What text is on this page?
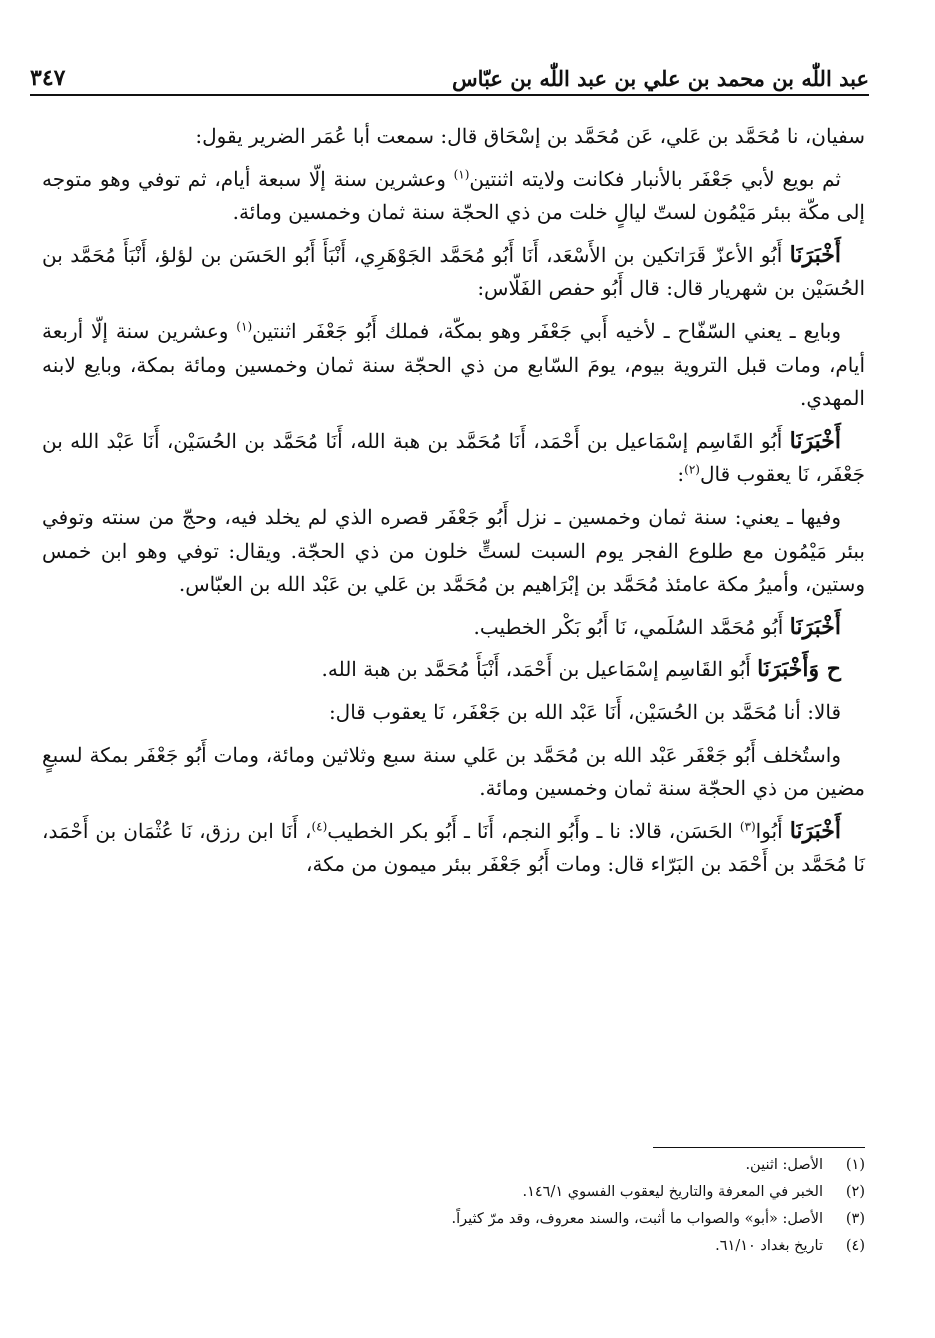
عبد اللّٰه بن محمد بن علي بن عبد اللّٰه بن عبّاس
٣٤٧

سفيان، نا مُحَمَّد بن عَلي، عَن مُحَمَّد بن إسْحَاق قال: سمعت أبا عُمَر الضرير يقول:

ثم بويع لأبي جَعْفَر بالأنبار فكانت ولايته اثنتين$^{(١)}$ وعشرين سنة إلّا سبعة أيام، ثم توفي وهو متوجه إلى مكّة ببئر مَيْمُون لستّ ليالٍ خلت من ذي الحجّة سنة ثمان وخمسين ومائة.

أَخْبَرَنَا أَبُو الأعزّ قَرَاتكين بن الأَسْعَد، أَنَا أَبُو مُحَمَّد الجَوْهَرِي، أَنْبَأَ أَبُو الحَسَن بن لؤلؤ، أَنْبَأَ مُحَمَّد بن الحُسَيْن بن شهريار قال: قال أَبُو حفص الفَلّاس:

وبايع ـ يعني السّفّاح ـ لأخيه أَبي جَعْفَر وهو بمكّة، فملك أَبُو جَعْفَر اثنتين$^{(١)}$ وعشرين سنة إلّا أربعة أيام، ومات قبل التروية بيوم، يومَ السّابع من ذي الحجّة سنة ثمان وخمسين ومائة بمكة، وبايع لابنه المهدي.

أَخْبَرَنَا أَبُو القَاسِم إسْمَاعيل بن أَحْمَد، أَنَا مُحَمَّد بن هبة الله، أَنَا مُحَمَّد بن الحُسَيْن، أَنَا عَبْد الله بن جَعْفَر، نَا يعقوب قال$^{(٢)}$:

وفيها ـ يعني: سنة ثمان وخمسين ـ نزل أَبُو جَعْفَر قصره الذي لم يخلد فيه، وحجّ من سنته وتوفي ببئر مَيْمُون مع طلوع الفجر يوم السبت لستٍّ خلون من ذي الحجّة. ويقال: توفي وهو ابن خمس وستين، وأميرُ مكة عامئذ مُحَمَّد بن إبْرَاهيم بن مُحَمَّد بن عَلي بن عَبْد الله بن العبّاس.

أَخْبَرَنَا أَبُو مُحَمَّد السُلَمي، نَا أَبُو بَكْر الخطيب.

ح وَأَخْبَرَنَا أَبُو القَاسِم إسْمَاعيل بن أَحْمَد، أَنْبَأَ مُحَمَّد بن هبة الله.

قالا: أنا مُحَمَّد بن الحُسَيْن، أَنَا عَبْد الله بن جَعْفَر، نَا يعقوب قال:

واستُخلف أَبُو جَعْفَر عَبْد الله بن مُحَمَّد بن عَلي سنة سبع وثلاثين ومائة، ومات أَبُو جَعْفَر بمكة لسبعٍ مضين من ذي الحجّة سنة ثمان وخمسين ومائة.

أَخْبَرَنَا أَبُوا$^{(٣)}$ الحَسَن، قالا: نا ـ وأَبُو النجم، أَنَا ـ أَبُو بكر الخطيب$^{(٤)}$، أَنَا ابن رزق، نَا عُثْمَان بن أَحْمَد، نَا مُحَمَّد بن أَحْمَد بن البَرّاء قال: ومات أَبُو جَعْفَر ببئر ميمون من مكة،

(١)
الأصل: اثنين.
(٢)
الخبر في المعرفة والتاريخ ليعقوب الفسوي ١٤٦/١.
(٣)
الأصل: «أبو» والصواب ما أثبت، والسند معروف، وقد مرّ كثيراً.
(٤)
تاريخ بغداد ٦١/١٠.
